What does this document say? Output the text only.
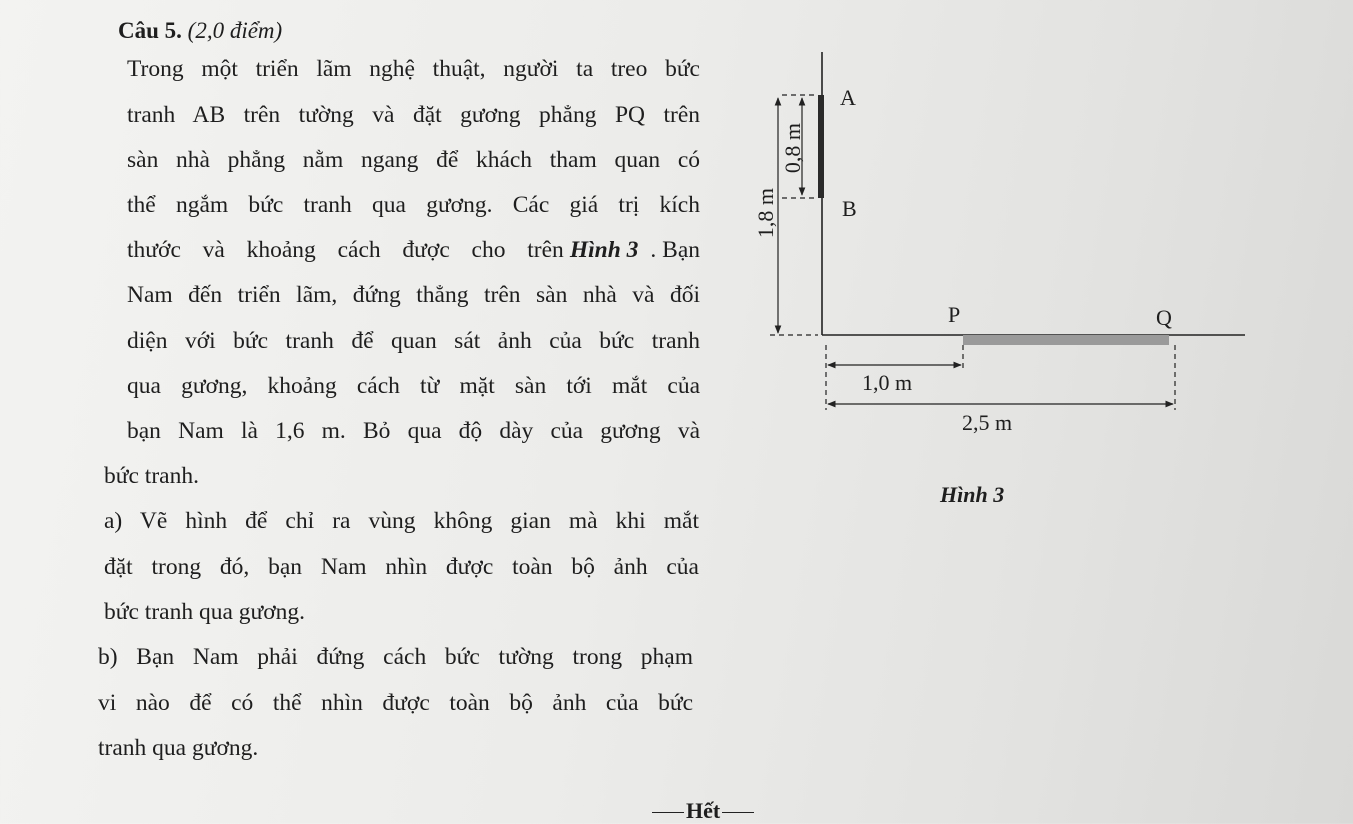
Câu 5. (2,0 điểm)
Trong một triển lãm nghệ thuật, người ta treo bức
tranh AB trên tường và đặt gương phẳng PQ trên
sàn nhà phẳng nằm ngang để khách tham quan có
thể ngắm bức tranh qua gương. Các giá trị kích
thước và khoảng cách được cho trên Hình 3 . Bạn
Nam đến triển lãm, đứng thẳng trên sàn nhà và đối
diện với bức tranh để quan sát ảnh của bức tranh
qua gương, khoảng cách từ mặt sàn tới mắt của
bạn Nam là 1,6 m. Bỏ qua độ dày của gương và
bức tranh.
a) Vẽ hình để chỉ ra vùng không gian mà khi mắt
đặt trong đó, bạn Nam nhìn được toàn bộ ảnh của
bức tranh qua gương.
b) Bạn Nam phải đứng cách bức tường trong phạm
vi nào để có thể nhìn được toàn bộ ảnh của bức
tranh qua gương.
A
B
P	Q
1,0 m
2,5 m
0,8 m
1,8 m
Hình 3
Hết
